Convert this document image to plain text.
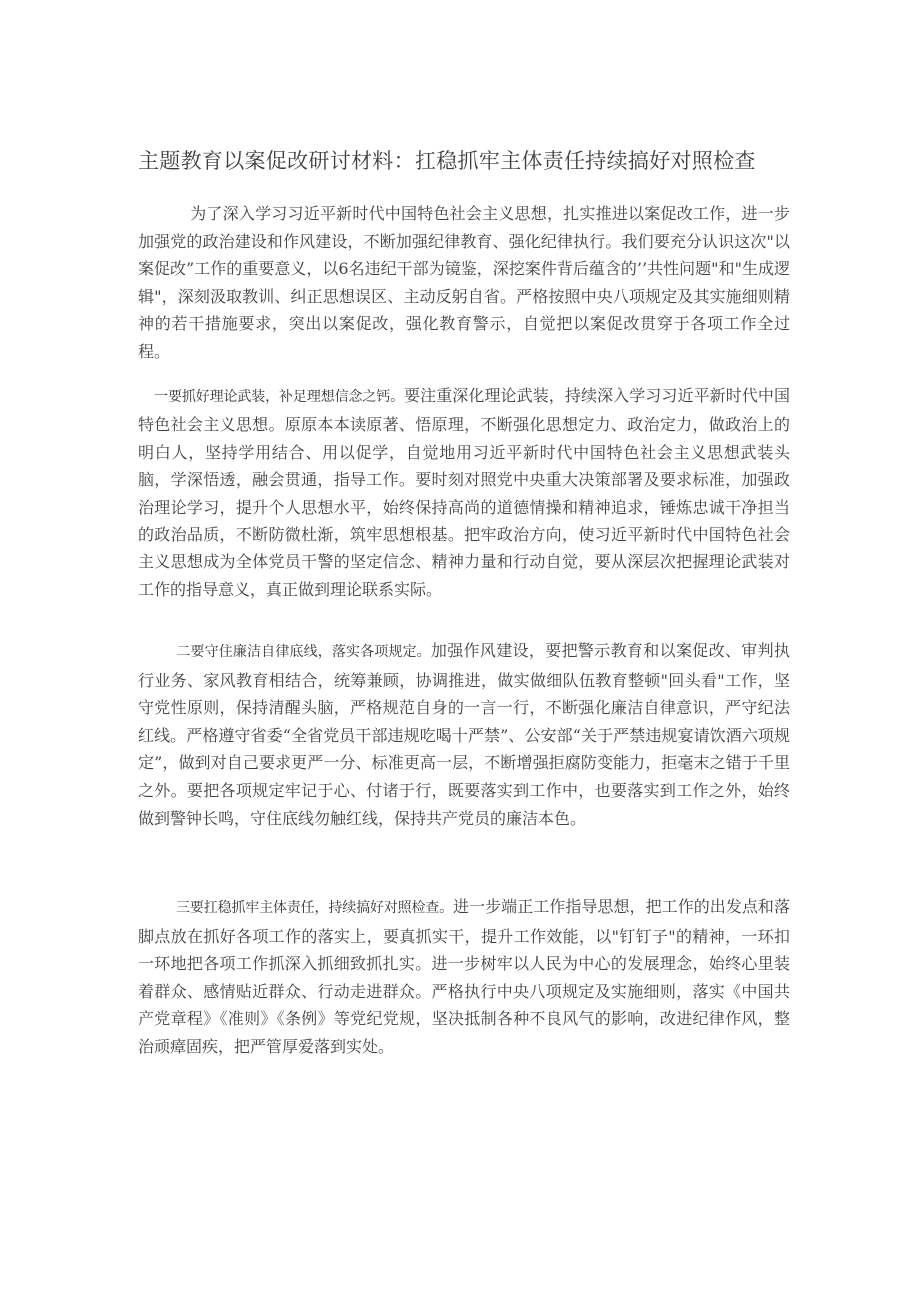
主题教育以案促改研讨材料：扛稳抓牢主体责任持续搞好对照检查

为了深入学习习近平新时代中国特色社会主义思想，扎实推进以案促改工作，进一步加强党的政治建设和作风建设，不断加强纪律教育、强化纪律执行。我们要充分认识这次"以案促改”工作的重要意义，以6名违纪干部为镜鉴，深挖案件背后蕴含的’’共性问题"和"生成逻辑"，深刻汲取教训、纠正思想误区、主动反躬自省。严格按照中央八项规定及其实施细则精神的若干措施要求，突出以案促改，强化教育警示，自觉把以案促改贯穿于各项工作全过程。

一要抓好理论武装，补足理想信念之钙。要注重深化理论武装，持续深入学习习近平新时代中国特色社会主义思想。原原本本读原著、悟原理，不断强化思想定力、政治定力，做政治上的明白人，坚持学用结合、用以促学，自觉地用习近平新时代中国特色社会主义思想武装头脑，学深悟透，融会贯通，指导工作。要时刻对照党中央重大决策部署及要求标准，加强政治理论学习，提升个人思想水平，始终保持高尚的道德情操和精神追求，锤炼忠诚干净担当的政治品质，不断防微杜渐，筑牢思想根基。把牢政治方向，使习近平新时代中国特色社会主义思想成为全体党员干警的坚定信念、精神力量和行动自觉，要从深层次把握理论武装对工作的指导意义，真正做到理论联系实际。

二要守住廉洁自律底线，落实各项规定。加强作风建设，要把警示教育和以案促改、审判执行业务、家风教育相结合，统筹兼顾，协调推进，做实做细队伍教育整顿"回头看"工作，坚守党性原则，保持清醒头脑，严格规范自身的一言一行，不断强化廉洁自律意识，严守纪法红线。严格遵守省委“全省党员干部违规吃喝十严禁”、公安部“关于严禁违规宴请饮酒六项规定”，做到对自己要求更严一分、标准更高一层，不断增强拒腐防变能力，拒毫末之错于千里之外。要把各项规定牢记于心、付诸于行，既要落实到工作中，也要落实到工作之外，始终做到警钟长鸣，守住底线勿触红线，保持共产党员的廉洁本色。

三要扛稳抓牢主体责任，持续搞好对照检查。进一步端正工作指导思想，把工作的出发点和落脚点放在抓好各项工作的落实上，要真抓实干，提升工作效能，以"钉钉子"的精神，一环扣一环地把各项工作抓深入抓细致抓扎实。进一步树牢以人民为中心的发展理念，始终心里装着群众、感情贴近群众、行动走进群众。严格执行中央八项规定及实施细则，落实《中国共产党章程》《准则》《条例》等党纪党规，坚决抵制各种不良风气的影响，改进纪律作风，整治顽瘴固疾，把严管厚爱落到实处。
